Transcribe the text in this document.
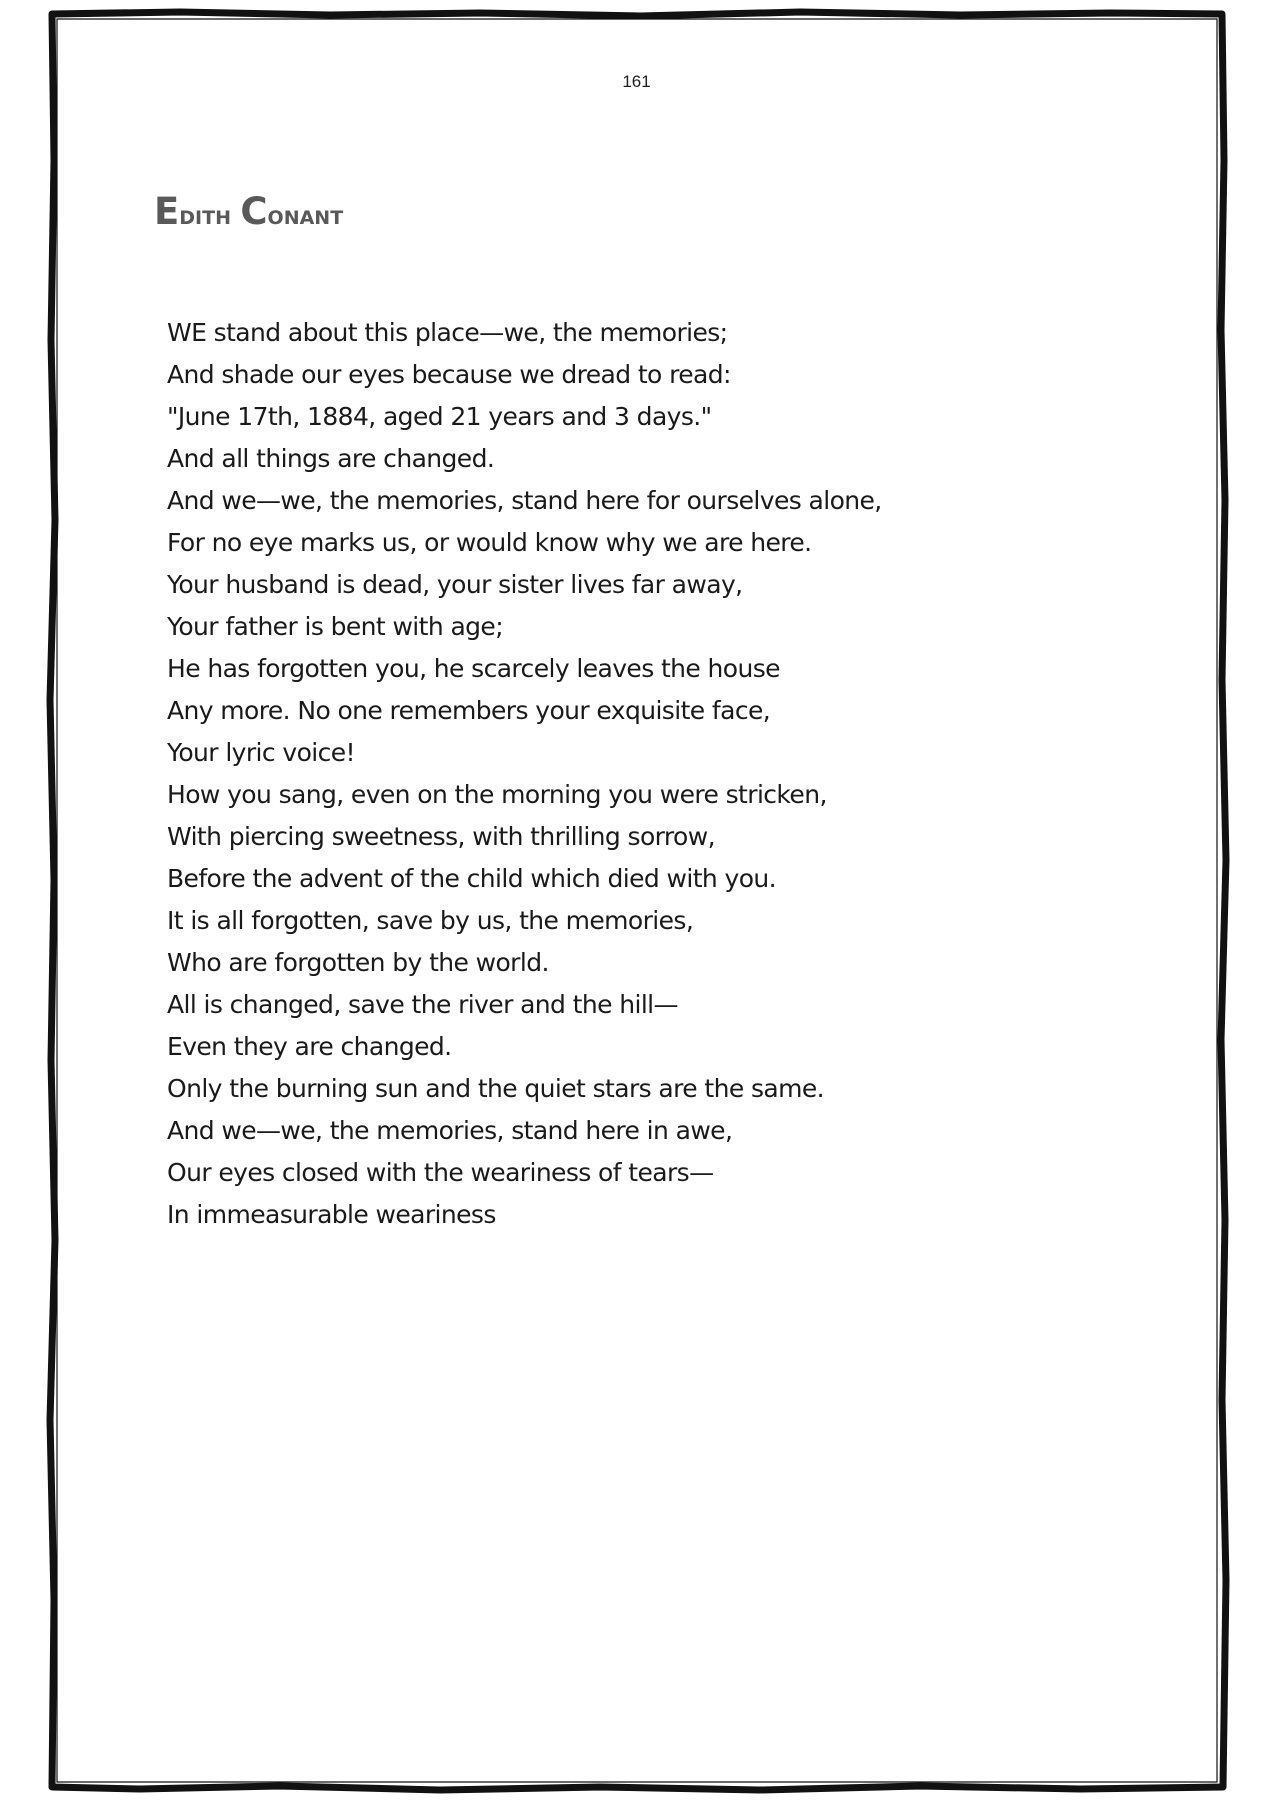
161
Edith Conant
WE stand about this place—we, the memories;
And shade our eyes because we dread to read:
"June 17th, 1884, aged 21 years and 3 days."
And all things are changed.
And we—we, the memories, stand here for ourselves alone,
For no eye marks us, or would know why we are here.
Your husband is dead, your sister lives far away,
Your father is bent with age;
He has forgotten you, he scarcely leaves the house
Any more. No one remembers your exquisite face,
Your lyric voice!
How you sang, even on the morning you were stricken,
With piercing sweetness, with thrilling sorrow,
Before the advent of the child which died with you.
It is all forgotten, save by us, the memories,
Who are forgotten by the world.
All is changed, save the river and the hill—
Even they are changed.
Only the burning sun and the quiet stars are the same.
And we—we, the memories, stand here in awe,
Our eyes closed with the weariness of tears—
In immeasurable weariness
